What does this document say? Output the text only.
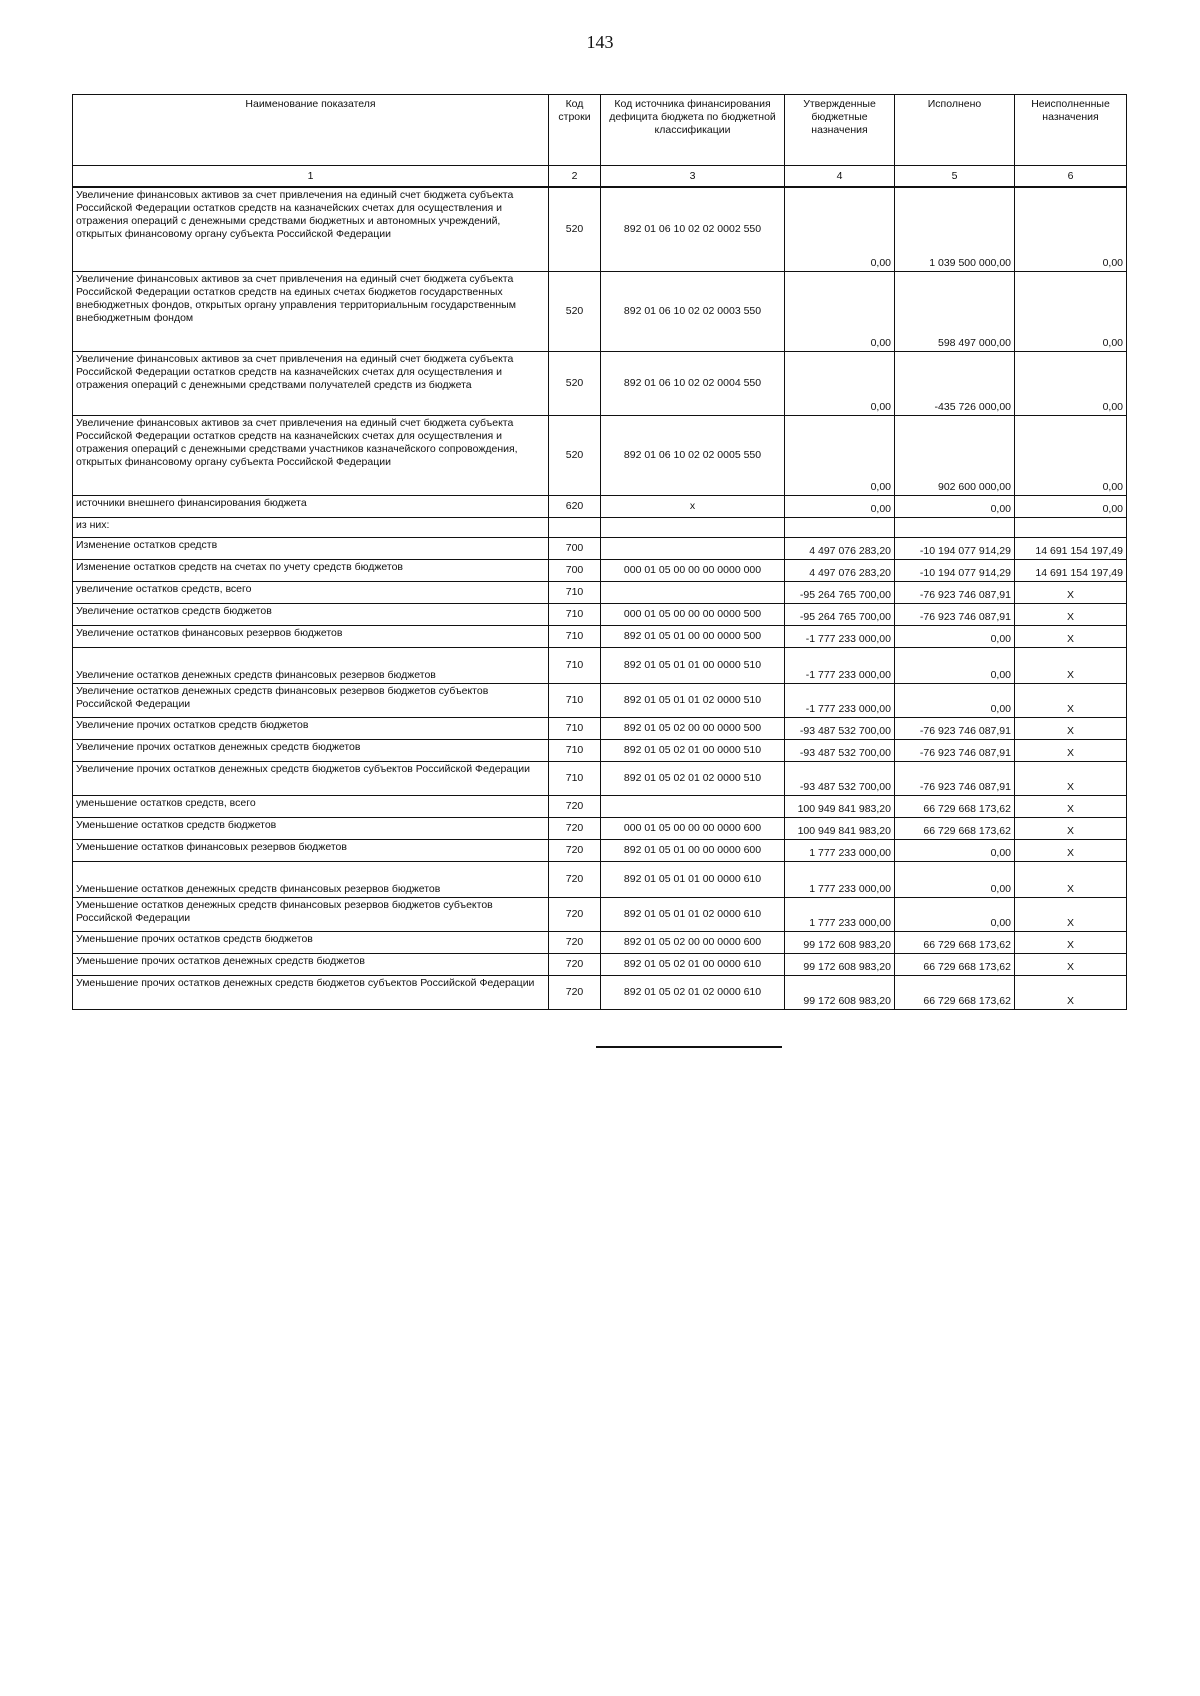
143
Наименование показателя	Код строки	Код источника финансирования дефицита бюджета по бюджетной классификации	Утвержденные бюджетные назначения	Исполнено	Неисполненные назначения
1	2	3	4	5	6
Увеличение финансовых активов за счет привлечения на единый счет бюджета субъекта Российской Федерации остатков средств на казначейских счетах для осуществления и отражения операций с денежными средствами бюджетных и автономных учреждений, открытых финансовому органу субъекта Российской Федерации	520	892 01 06 10 02 02 0002 550	0,00	1 039 500 000,00	0,00
Увеличение финансовых активов за счет привлечения на единый счет бюджета субъекта Российской Федерации остатков средств на единых счетах бюджетов государственных внебюджетных фондов, открытых органу управления территориальным государственным внебюджетным фондом	520	892 01 06 10 02 02 0003 550	0,00	598 497 000,00	0,00
Увеличение финансовых активов за счет привлечения на единый счет бюджета субъекта Российской Федерации остатков средств на казначейских счетах для осуществления и отражения операций с денежными средствами получателей средств из бюджета	520	892 01 06 10 02 02 0004 550	0,00	-435 726 000,00	0,00
Увеличение финансовых активов за счет привлечения на единый счет бюджета субъекта Российской Федерации остатков средств на казначейских счетах для осуществления и отражения операций с денежными средствами участников казначейского сопровождения, открытых финансовому органу субъекта Российской Федерации	520	892 01 06 10 02 02 0005 550	0,00	902 600 000,00	0,00
источники внешнего финансирования бюджета	620	x	0,00	0,00	0,00
из них:					
Изменение остатков средств	700		4 497 076 283,20	-10 194 077 914,29	14 691 154 197,49
Изменение остатков средств на счетах по учету средств бюджетов	700	000 01 05 00 00 00 0000 000	4 497 076 283,20	-10 194 077 914,29	14 691 154 197,49
увеличение остатков средств, всего	710		-95 264 765 700,00	-76 923 746 087,91	X
Увеличение остатков средств бюджетов	710	000 01 05 00 00 00 0000 500	-95 264 765 700,00	-76 923 746 087,91	X
Увеличение остатков финансовых резервов бюджетов	710	892 01 05 01 00 00 0000 500	-1 777 233 000,00	0,00	X
Увеличение остатков денежных средств финансовых резервов бюджетов	710	892 01 05 01 01 00 0000 510	-1 777 233 000,00	0,00	X
Увеличение остатков денежных средств финансовых резервов бюджетов субъектов Российской Федерации	710	892 01 05 01 01 02 0000 510	-1 777 233 000,00	0,00	X
Увеличение прочих остатков средств бюджетов	710	892 01 05 02 00 00 0000 500	-93 487 532 700,00	-76 923 746 087,91	X
Увеличение прочих остатков денежных средств бюджетов	710	892 01 05 02 01 00 0000 510	-93 487 532 700,00	-76 923 746 087,91	X
Увеличение прочих остатков денежных средств бюджетов субъектов Российской Федерации	710	892 01 05 02 01 02 0000 510	-93 487 532 700,00	-76 923 746 087,91	X
уменьшение остатков средств, всего	720		100 949 841 983,20	66 729 668 173,62	X
Уменьшение остатков средств бюджетов	720	000 01 05 00 00 00 0000 600	100 949 841 983,20	66 729 668 173,62	X
Уменьшение остатков финансовых резервов бюджетов	720	892 01 05 01 00 00 0000 600	1 777 233 000,00	0,00	X
Уменьшение остатков денежных средств финансовых резервов бюджетов	720	892 01 05 01 01 00 0000 610	1 777 233 000,00	0,00	X
Уменьшение остатков денежных средств финансовых резервов бюджетов субъектов Российской Федерации	720	892 01 05 01 01 02 0000 610	1 777 233 000,00	0,00	X
Уменьшение прочих остатков средств бюджетов	720	892 01 05 02 00 00 0000 600	99 172 608 983,20	66 729 668 173,62	X
Уменьшение прочих остатков денежных средств бюджетов	720	892 01 05 02 01 00 0000 610	99 172 608 983,20	66 729 668 173,62	X
Уменьшение прочих остатков денежных средств бюджетов субъектов Российской Федерации	720	892 01 05 02 01 02 0000 610	99 172 608 983,20	66 729 668 173,62	X
